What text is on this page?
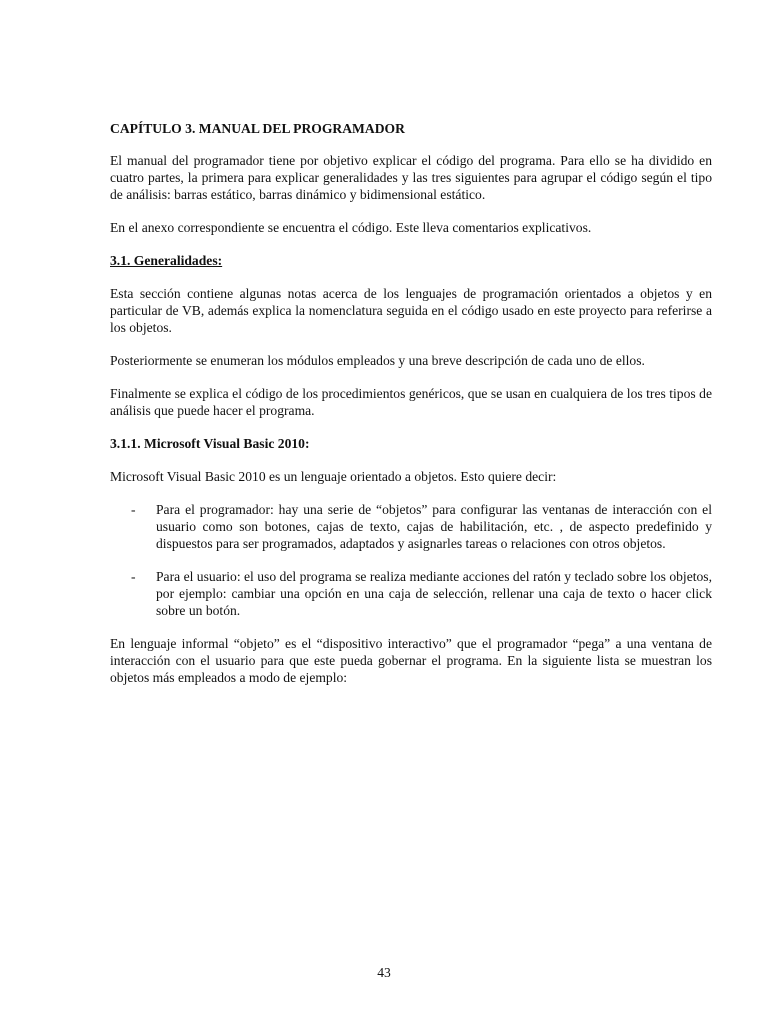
CAPÍTULO 3. MANUAL DEL PROGRAMADOR

El manual del programador tiene por objetivo explicar el código del programa. Para ello se ha dividido en cuatro partes, la primera para explicar generalidades y las tres siguientes para agrupar el código según el tipo de análisis: barras estático, barras dinámico y bidimensional estático.

En el anexo correspondiente se encuentra el código. Este lleva comentarios explicativos.

3.1. Generalidades:

Esta sección contiene algunas notas acerca de los lenguajes de programación orientados a objetos y en particular de VB, además explica la nomenclatura seguida en el código usado en este proyecto para referirse a los objetos.

Posteriormente se enumeran los módulos empleados y una breve descripción de cada uno de ellos.

Finalmente se explica el código de los procedimientos genéricos, que se usan en cualquiera de los tres tipos de análisis que puede hacer el programa.

3.1.1. Microsoft Visual Basic 2010:

Microsoft Visual Basic 2010 es un lenguaje orientado a objetos. Esto quiere decir:

- Para el programador: hay una serie de “objetos” para configurar las ventanas de interacción con el usuario como son botones, cajas de texto, cajas de habilitación, etc. , de aspecto predefinido y dispuestos para ser programados, adaptados y asignarles tareas o relaciones con otros objetos.
- Para el usuario: el uso del programa se realiza mediante acciones del ratón y teclado sobre los objetos, por ejemplo: cambiar una opción en una caja de selección, rellenar una caja de texto o hacer click sobre un botón.

En lenguaje informal “objeto” es el “dispositivo interactivo” que el programador “pega” a una ventana de interacción con el usuario para que este pueda gobernar el programa. En la siguiente lista se muestran los objetos más empleados a modo de ejemplo:

43
